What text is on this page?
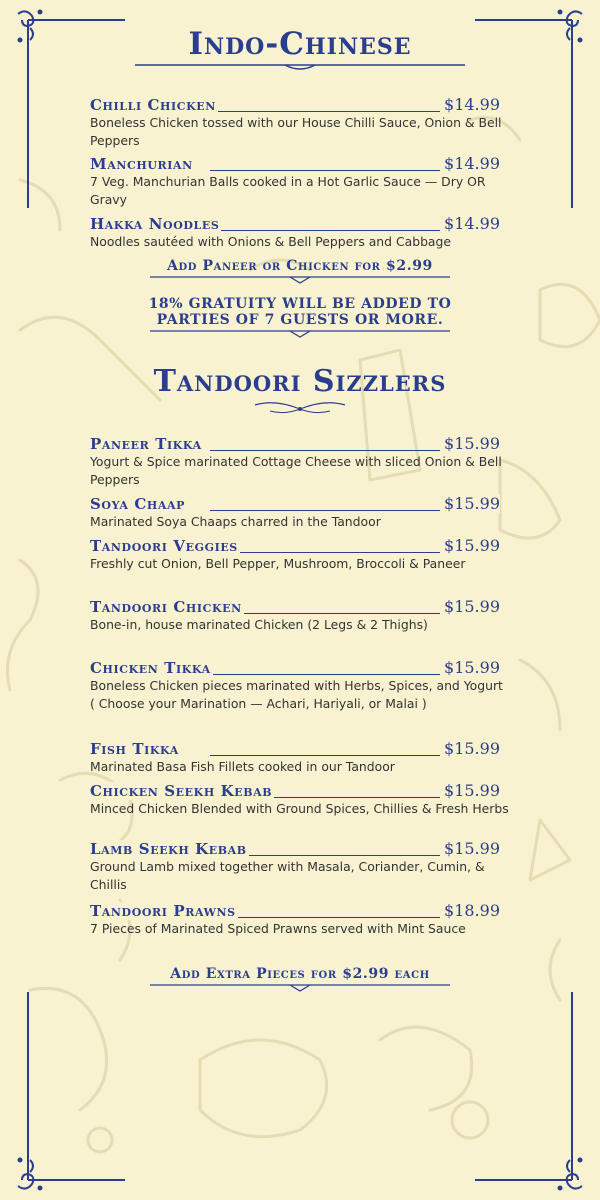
Indo-Chinese
Chilli Chicken	$14.99
Boneless Chicken tossed with our House Chilli Sauce, Onion & Bell Peppers
Manchurian	$14.99
7 Veg. Manchurian Balls cooked in a Hot Garlic Sauce — Dry OR Gravy
Hakka Noodles	$14.99
Noodles sautéed with Onions & Bell Peppers and Cabbage
Add Paneer or Chicken for $2.99
18% GRATUITY WILL BE ADDED TO
PARTIES OF 7 GUESTS OR MORE.
Tandoori Sizzlers
Paneer Tikka	$15.99
Yogurt & Spice marinated Cottage Cheese with sliced Onion & Bell Peppers
Soya Chaap	$15.99
Marinated Soya Chaaps charred in the Tandoor
Tandoori Veggies	$15.99
Freshly cut Onion, Bell Pepper, Mushroom, Broccoli & Paneer
Tandoori Chicken	$15.99
Bone-in, house marinated Chicken (2 Legs & 2 Thighs)
Chicken Tikka	$15.99
Boneless Chicken pieces marinated with Herbs, Spices, and Yogurt ( Choose your Marination — Achari, Hariyali, or Malai )
Fish Tikka	$15.99
Marinated Basa Fish Fillets cooked in our Tandoor
Chicken Seekh Kebab	$15.99
Minced Chicken Blended with Ground Spices, Chillies & Fresh Herbs
Lamb Seekh Kebab	$15.99
Ground Lamb mixed together with Masala, Coriander, Cumin, & Chillis
Tandoori Prawns	$18.99
7 Pieces of Marinated Spiced Prawns served with Mint Sauce
Add Extra Pieces for $2.99 each
